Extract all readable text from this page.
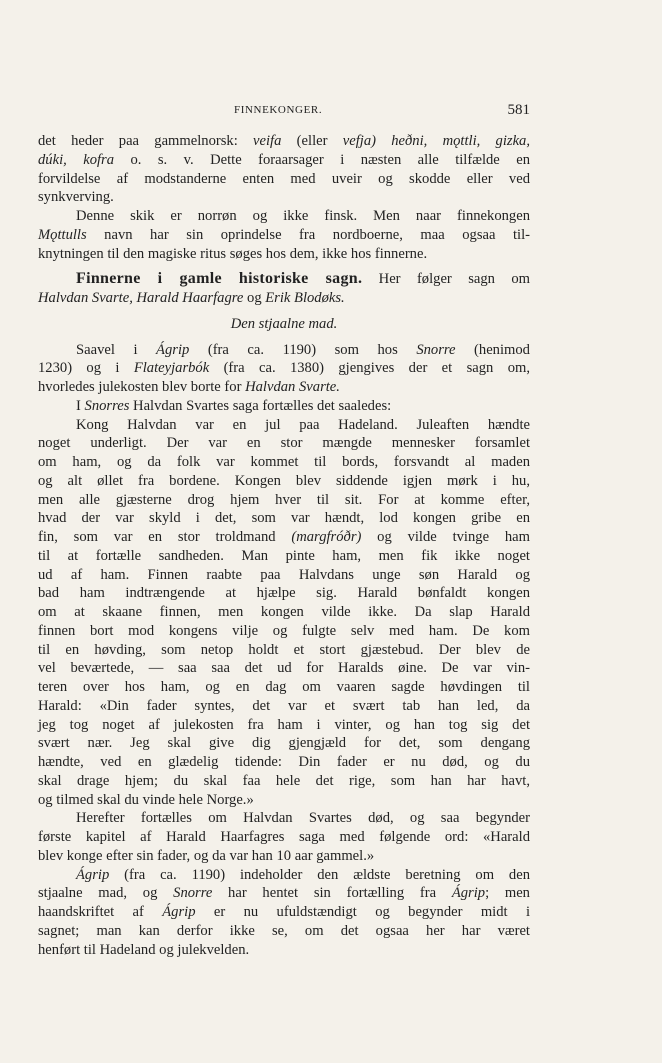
FINNEKONGER.	581
det heder paa gammelnorsk: veifa (eller vefja) heðni, mǫttli, gizka,
dúki, kofra o. s. v. Dette foraarsager i næsten alle tilfælde en
forvildelse af modstanderne enten med uveir og skodde eller ved
synkverving.
Denne skik er norrøn og ikke finsk. Men naar finnekongen
Mǫttulls navn har sin oprindelse fra nordboerne, maa ogsaa til-
knytningen til den magiske ritus søges hos dem, ikke hos finnerne.
Finnerne i gamle historiske sagn. Her følger sagn om
Halvdan Svarte, Harald Haarfagre og Erik Blodøks.
Den stjaalne mad.
Saavel i Ágrip (fra ca. 1190) som hos Snorre (henimod
1230) og i Flateyjarbók (fra ca. 1380) gjengives der et sagn om,
hvorledes julekosten blev borte for Halvdan Svarte.
I Snorres Halvdan Svartes saga fortælles det saaledes:
Kong Halvdan var en jul paa Hadeland. Juleaften hændte
noget underligt. Der var en stor mængde mennesker forsamlet
om ham, og da folk var kommet til bords, forsvandt al maden
og alt øllet fra bordene. Kongen blev siddende igjen mørk i hu,
men alle gjæsterne drog hjem hver til sit. For at komme efter,
hvad der var skyld i det, som var hændt, lod kongen gribe en
fin, som var en stor troldmand (margfróðr) og vilde tvinge ham
til at fortælle sandheden. Man pinte ham, men fik ikke noget
ud af ham. Finnen raabte paa Halvdans unge søn Harald og
bad ham indtrængende at hjælpe sig. Harald bønfaldt kongen
om at skaane finnen, men kongen vilde ikke. Da slap Harald
finnen bort mod kongens vilje og fulgte selv med ham. De kom
til en høvding, som netop holdt et stort gjæstebud. Der blev de
vel beværtede, — saa saa det ud for Haralds øine. De var vin-
teren over hos ham, og en dag om vaaren sagde høvdingen til
Harald: «Din fader syntes, det var et svært tab han led, da
jeg tog noget af julekosten fra ham i vinter, og han tog sig det
svært nær. Jeg skal give dig gjengjæld for det, som dengang
hændte, ved en glædelig tidende: Din fader er nu død, og du
skal drage hjem; du skal faa hele det rige, som han har havt,
og tilmed skal du vinde hele Norge.»
Herefter fortælles om Halvdan Svartes død, og saa begynder
første kapitel af Harald Haarfagres saga med følgende ord: «Harald
blev konge efter sin fader, og da var han 10 aar gammel.»
Ágrip (fra ca. 1190) indeholder den ældste beretning om den
stjaalne mad, og Snorre har hentet sin fortælling fra Ágrip; men
haandskriftet af Ágrip er nu ufuldstændigt og begynder midt i
sagnet; man kan derfor ikke se, om det ogsaa her har været
henført til Hadeland og julekvelden.
